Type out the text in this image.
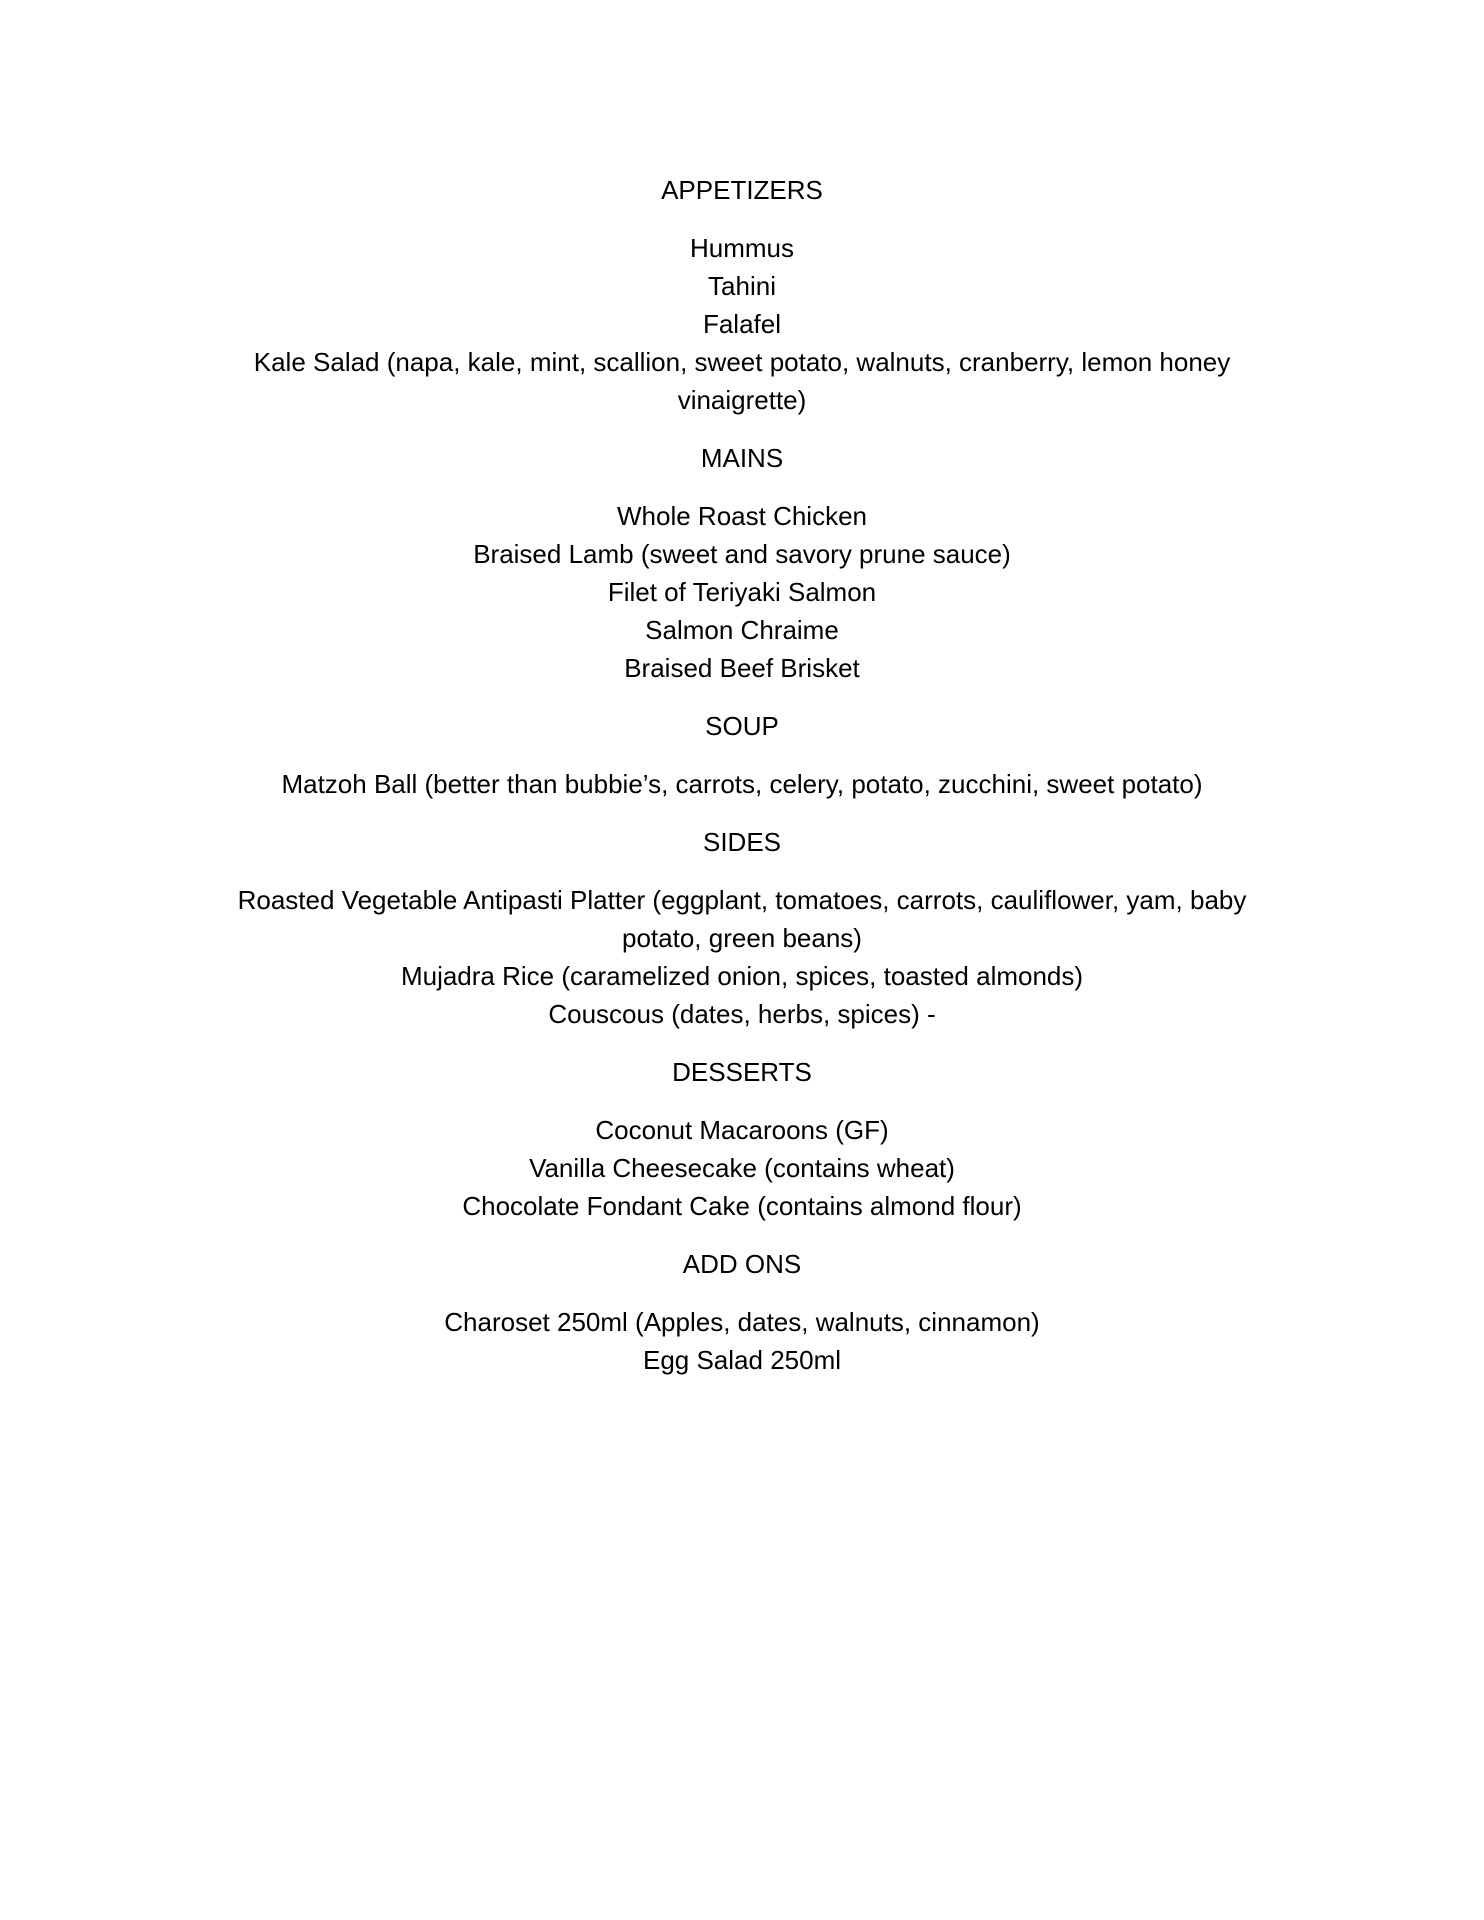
APPETIZERS
Hummus
Tahini
Falafel
Kale Salad (napa, kale, mint, scallion, sweet potato, walnuts, cranberry, lemon honey
vinaigrette)
MAINS
Whole Roast Chicken
Braised Lamb (sweet and savory prune sauce)
Filet of Teriyaki Salmon
Salmon Chraime
Braised Beef Brisket
SOUP
Matzoh Ball (better than bubbie’s, carrots, celery, potato, zucchini, sweet potato)
SIDES
Roasted Vegetable Antipasti Platter (eggplant, tomatoes, carrots, cauliflower, yam, baby
potato, green beans)
Mujadra Rice (caramelized onion, spices, toasted almonds)
Couscous (dates, herbs, spices) -
DESSERTS
Coconut Macaroons (GF)
Vanilla Cheesecake (contains wheat)
Chocolate Fondant Cake (contains almond flour)
ADD ONS
Charoset 250ml (Apples, dates, walnuts, cinnamon)
Egg Salad 250ml
